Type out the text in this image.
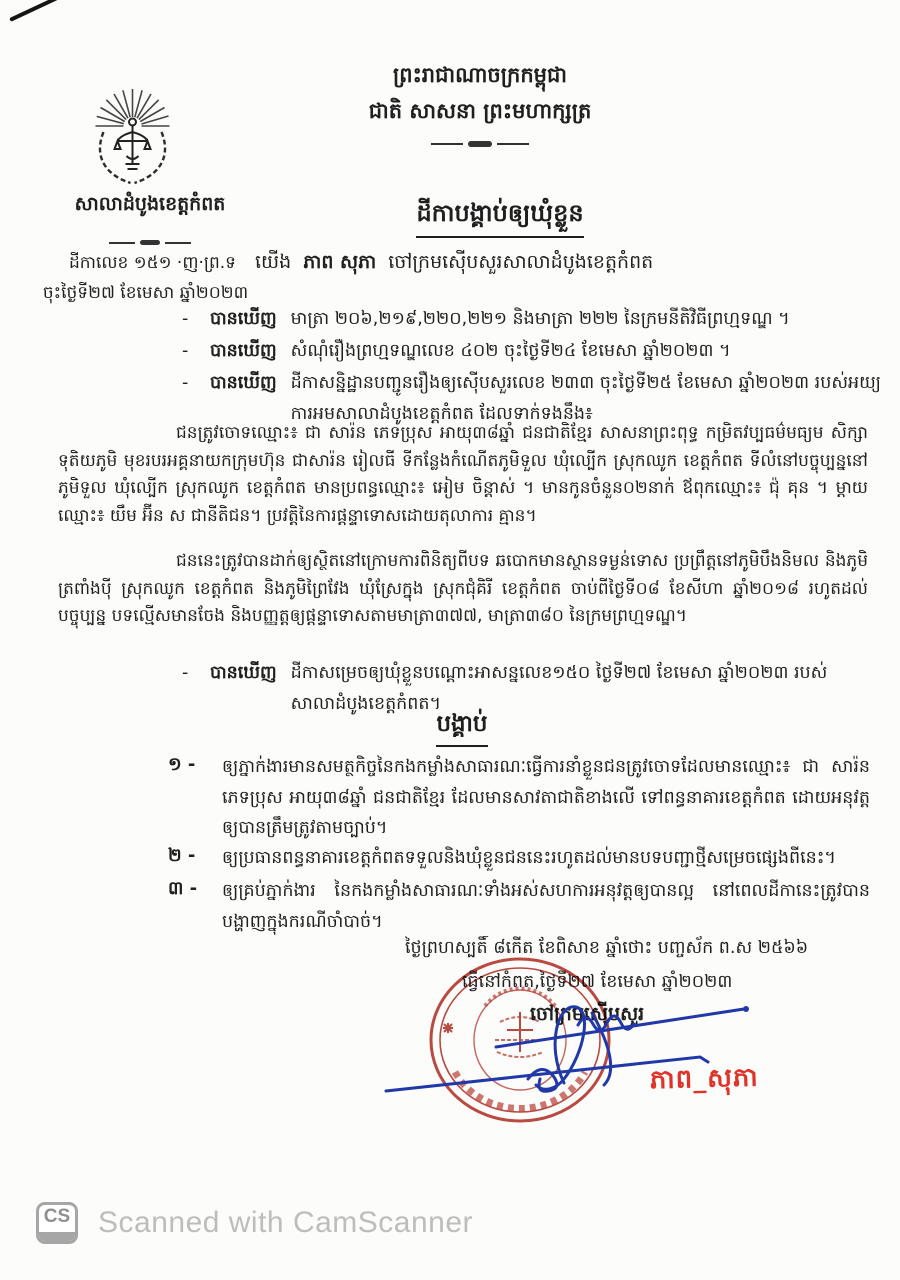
ព្រះរាជាណាចក្រកម្ពុជា
ជាតិ សាសនា ព្រះមហាក្សត្រ
សាលាដំបូងខេត្តកំពត
ដីកាលេខ ១៥១ ·ញ·ព្រ.ទ
ចុះថ្ងៃទី២៧ ខែមេសា ឆ្នាំ២០២៣
ដីកាបង្គាប់ឲ្យឃុំខ្លួន
យើង ភាព សុភា ចៅក្រមស៊ើបសួរសាលាដំបូងខេត្តកំពត
-	បានឃើញ មាត្រា ២០៦,២១៩,២២០,២២១ និងមាត្រា ២២២ នៃក្រមនីតិវិធីព្រហ្មទណ្ឌ ។
-	បានឃើញ សំណុំរឿងព្រហ្មទណ្ឌលេខ ៤០២ ចុះថ្ងៃទី២៤ ខែមេសា ឆ្នាំ២០២៣ ។
-	បានឃើញ ដីកាសន្និដ្ឋានបញ្ជូនរឿងឲ្យស៊ើបសួរលេខ ២៣៣ ចុះថ្ងៃទី២៥ ខែមេសា ឆ្នាំ២០២៣ របស់អយ្យការអមសាលាដំបូងខេត្តកំពត ដែលទាក់ទងនឹង៖
ជនត្រូវចោទឈ្មោះ៖ ជា សារ៉ន ភេទប្រុស អាយុ៣៨ឆ្នាំ ជនជាតិខ្មែរ សាសនាព្រះពុទ្ធ កម្រិតវប្បធម៌មធ្យម សិក្សាទុតិយភូមិ មុខរបរអគ្គនាយកក្រុមហ៊ុន ជាសារ៉ន រៀលធី ទីកន្លែងកំណើតភូមិទួល ឃុំល្បើក ស្រុកឈូក ខេត្តកំពត ទីលំនៅបច្ចុប្បន្ននៅភូមិទួល ឃុំល្បើក ស្រុកឈូក ខេត្តកំពត មានប្រពន្ធឈ្មោះ៖ អៀម ចិន្តាស់ ។ មានកូនចំនួន០២នាក់ ឪពុកឈ្មោះ៖ ជ៉ុ គុន ។ ម្ដាយឈ្មោះ៖ យឹម អ៊ីន ស ជានីតិជន។ ប្រវត្តិនៃការផ្ដន្ទាទោសដោយតុលាការ គ្មាន។
ជននេះត្រូវបានដាក់ឲ្យស្ថិតនៅក្រោមការពិនិត្យពីបទ ឆបោកមានស្ថានទម្ងន់ទោស ប្រព្រឹត្តនៅភូមិបឹងនិមល និងភូមិត្រពាំងប៉ី ស្រុកឈូក ខេត្តកំពត និងភូមិព្រៃវែង ឃុំស្រែក្នុង ស្រុកជុំគិរី ខេត្តកំពត ចាប់ពីថ្ងៃទី០៨ ខែសីហា ឆ្នាំ២០១៨ រហូតដល់បច្ចុប្បន្ន បទល្មើសមានចែង និងបញ្ញត្តឲ្យផ្ដន្ទាទោសតាមមាត្រា៣៧៧, មាត្រា៣៨០ នៃក្រមព្រហ្មទណ្ឌ។
-	បានឃើញ ដីកាសម្រេចឲ្យឃុំខ្លួនបណ្ដោះអាសន្នលេខ១៥០ ថ្ងៃទី២៧ ខែមេសា ឆ្នាំ២០២៣ របស់សាលាដំបូងខេត្តកំពត។
បង្គាប់
១ -	ឲ្យភ្នាក់ងារមានសមត្ថកិច្ចនៃកងកម្លាំងសាធារណៈធ្វើការនាំខ្លួនជនត្រូវចោទដែលមានឈ្មោះ៖ ជា សារ៉ន ភេទប្រុស អាយុ៣៨ឆ្នាំ ជនជាតិខ្មែរ ដែលមានសាវតាជាតិខាងលើ ទៅពន្ធនាគារខេត្តកំពត ដោយអនុវត្តឲ្យបានត្រឹមត្រូវតាមច្បាប់។
២ -	ឲ្យប្រធានពន្ធនាគារខេត្តកំពតទទួលនិងឃុំខ្លួនជននេះរហូតដល់មានបទបញ្ជាថ្មីសម្រេចផ្សេងពីនេះ។
៣ -	ឲ្យគ្រប់ភ្នាក់ងារ នៃកងកម្លាំងសាធារណៈទាំងអស់សហការអនុវត្តឲ្យបានល្អ នៅពេលដីកានេះត្រូវបានបង្ហាញក្នុងករណីចាំបាច់។
ថ្ងៃព្រហស្បតិ៍ ៨កើត ខែពិសាខ ឆ្នាំថោះ បញ្ចស័ក ព.ស ២៥៦៦
ធ្វើនៅកំពត,ថ្ងៃទី២៧ ខែមេសា ឆ្នាំ២០២៣
ចៅក្រមស៊ើបសួរ
ភាព_សុភា
CS Scanned with CamScanner
